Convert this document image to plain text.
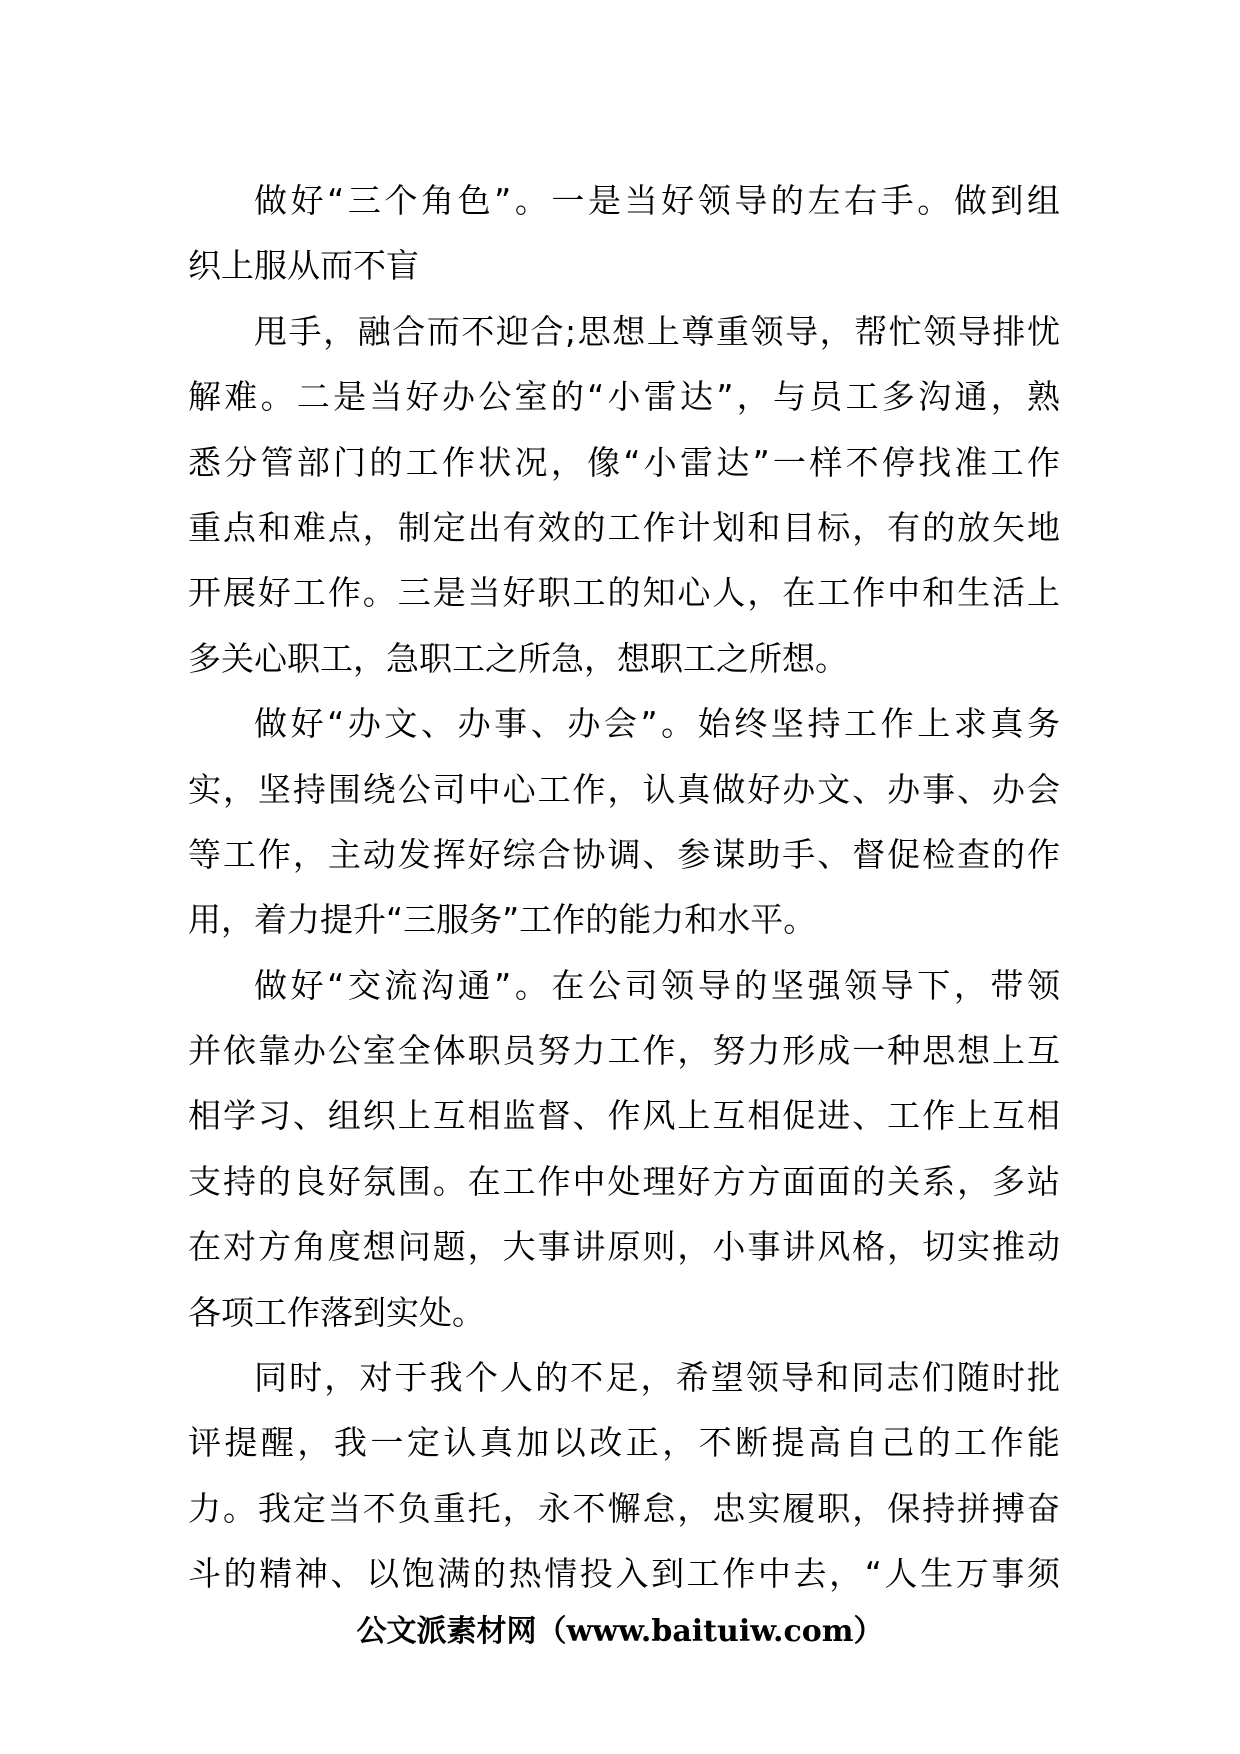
做好“三个角色”。一是当好领导的左右手。做到组
织上服从而不盲
甩手，融合而不迎合;思想上尊重领导，帮忙领导排忧
解难。二是当好办公室的“小雷达”，与员工多沟通，熟
悉分管部门的工作状况，像“小雷达”一样不停找准工作
重点和难点，制定出有效的工作计划和目标，有的放矢地
开展好工作。三是当好职工的知心人，在工作中和生活上
多关心职工，急职工之所急，想职工之所想。
做好“办文、办事、办会”。始终坚持工作上求真务
实，坚持围绕公司中心工作，认真做好办文、办事、办会
等工作，主动发挥好综合协调、参谋助手、督促检查的作
用，着力提升“三服务”工作的能力和水平。
做好“交流沟通”。在公司领导的坚强领导下，带领
并依靠办公室全体职员努力工作，努力形成一种思想上互
相学习、组织上互相监督、作风上互相促进、工作上互相
支持的良好氛围。在工作中处理好方方面面的关系，多站
在对方角度想问题，大事讲原则，小事讲风格，切实推动
各项工作落到实处。
同时，对于我个人的不足，希望领导和同志们随时批
评提醒，我一定认真加以改正，不断提高自己的工作能
力。我定当不负重托，永不懈怠，忠实履职，保持拼搏奋
斗的精神、以饱满的热情投入到工作中去，“人生万事须
公文派素材网（www.baituiw.com）
